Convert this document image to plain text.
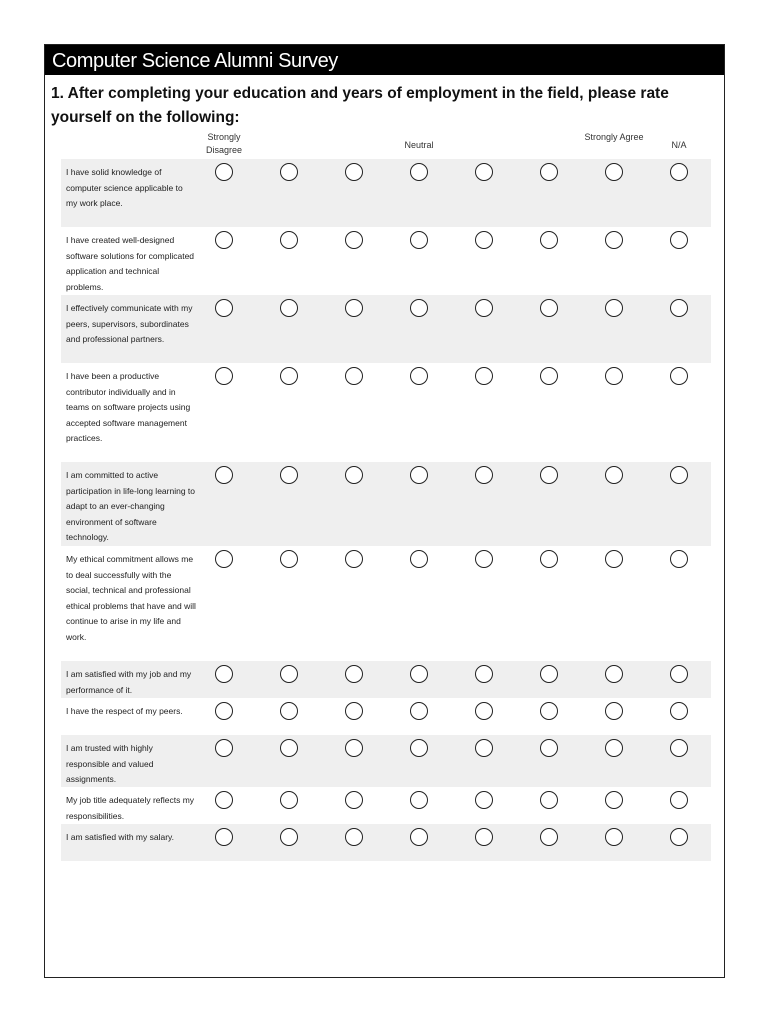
Computer Science Alumni Survey
1. After completing your education and years of employment in the field, please rate yourself on the following:
Strongly Disagree	Neutral
Strongly Agree
N/A
I have solid knowledge of computer science applicable to my work place.
I have created well-designed software solutions for complicated application and technical problems.
I effectively communicate with my peers, supervisors, subordinates and professional partners.
I have been a productive contributor individually and in teams on software projects using accepted software management practices.
I am committed to active participation in life-long learning to adapt to an ever-changing environment of software technology.
My ethical commitment allows me to deal successfully with the social, technical and professional ethical problems that have and will continue to arise in my life and work.
I am satisfied with my job and my performance of it.
I have the respect of my peers.
I am trusted with highly responsible and valued assignments.
My job title adequately reflects my responsibilities.
I am satisfied with my salary.
